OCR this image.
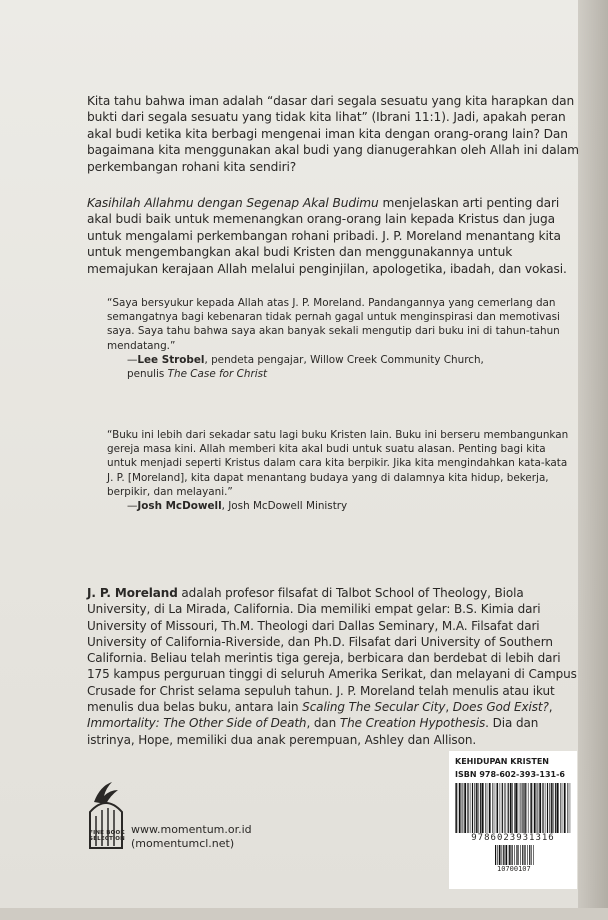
Kita tahu bahwa iman adalah “dasar dari segala sesuatu yang kita harapkan dan bukti dari segala sesuatu yang tidak kita lihat” (Ibrani 11:1). Jadi, apakah peran akal budi ketika kita berbagi mengenai iman kita dengan orang-orang lain? Dan bagaimana kita menggunakan akal budi yang dianugerahkan oleh Allah ini dalam perkembangan rohani kita sendiri?

Kasihilah Allahmu dengan Segenap Akal Budimu menjelaskan arti penting dari akal budi baik untuk memenangkan orang-orang lain kepada Kristus dan juga untuk mengalami perkembangan rohani pribadi. J. P. Moreland menantang kita untuk mengembangkan akal budi Kristen dan menggunakannya untuk memajukan kerajaan Allah melalui penginjilan, apologetika, ibadah, dan vokasi.

“Saya bersyukur kepada Allah atas J. P. Moreland. Pandangannya yang cemerlang dan semangatnya bagi kebenaran tidak pernah gagal untuk menginspirasi dan memotivasi saya. Saya tahu bahwa saya akan banyak sekali mengutip dari buku ini di tahun-tahun mendatang.”
—Lee Strobel, pendeta pengajar, Willow Creek Community Church,
penulis The Case for Christ

“Buku ini lebih dari sekadar satu lagi buku Kristen lain. Buku ini berseru membangunkan gereja masa kini. Allah memberi kita akal budi untuk suatu alasan. Penting bagi kita untuk menjadi seperti Kristus dalam cara kita berpikir. Jika kita mengindahkan kata-kata J. P. [Moreland], kita dapat menantang budaya yang di dalamnya kita hidup, bekerja, berpikir, dan melayani.”
—Josh McDowell, Josh McDowell Ministry

J. P. Moreland adalah profesor filsafat di Talbot School of Theology, Biola University, di La Mirada, California. Dia memiliki empat gelar: B.S. Kimia dari University of Missouri, Th.M. Theologi dari Dallas Seminary, M.A. Filsafat dari University of California-Riverside, dan Ph.D. Filsafat dari University of Southern California. Beliau telah merintis tiga gereja, berbicara dan berdebat di lebih dari 175 kampus perguruan tinggi di seluruh Amerika Serikat, dan melayani di Campus Crusade for Christ selama sepuluh tahun. J. P. Moreland telah menulis atau ikut menulis dua belas buku, antara lain Scaling The Secular City, Does God Exist?, Immortality: The Other Side of Death, dan The Creation Hypothesis. Dia dan istrinya, Hope, memiliki dua anak perempuan, Ashley dan Allison.

FINE BOOK
SELECTION
www.momentum.or.id
(momentumcl.net)
KEHIDUPAN KRISTEN
ISBN 978-602-393-131-6
9786023931316
10700107
